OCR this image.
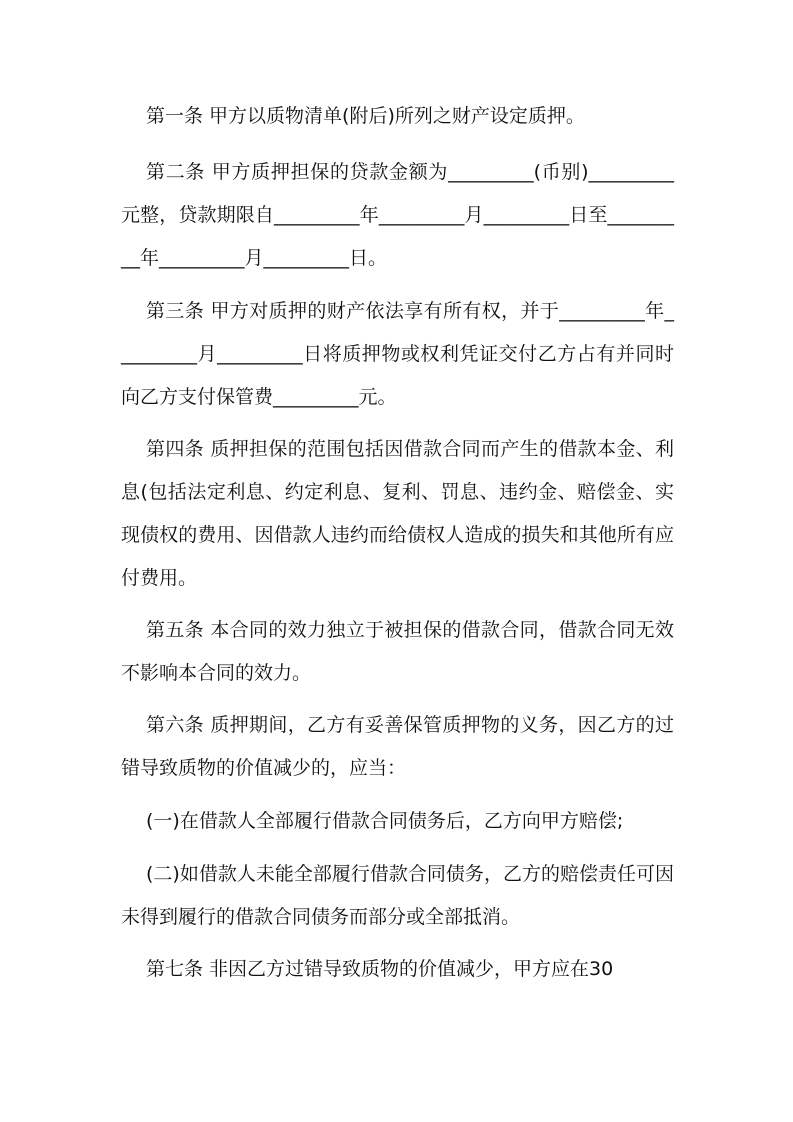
第一条 甲方以质物清单(附后)所列之财产设定质押。

第二条 甲方质押担保的贷款金额为_________(币别)_________元整，贷款期限自_________年_________月_________日至_________年_________月_________日。

第三条 甲方对质押的财产依法享有所有权，并于_________年_________月_________日将质押物或权利凭证交付乙方占有并同时向乙方支付保管费_________元。

第四条 质押担保的范围包括因借款合同而产生的借款本金、利息(包括法定利息、约定利息、复利、罚息、违约金、赔偿金、实现债权的费用、因借款人违约而给债权人造成的损失和其他所有应付费用。

第五条 本合同的效力独立于被担保的借款合同，借款合同无效不影响本合同的效力。

第六条 质押期间，乙方有妥善保管质押物的义务，因乙方的过错导致质物的价值减少的，应当：

(一)在借款人全部履行借款合同债务后，乙方向甲方赔偿;

(二)如借款人未能全部履行借款合同债务，乙方的赔偿责任可因未得到履行的借款合同债务而部分或全部抵消。

第七条 非因乙方过错导致质物的价值减少，甲方应在30
